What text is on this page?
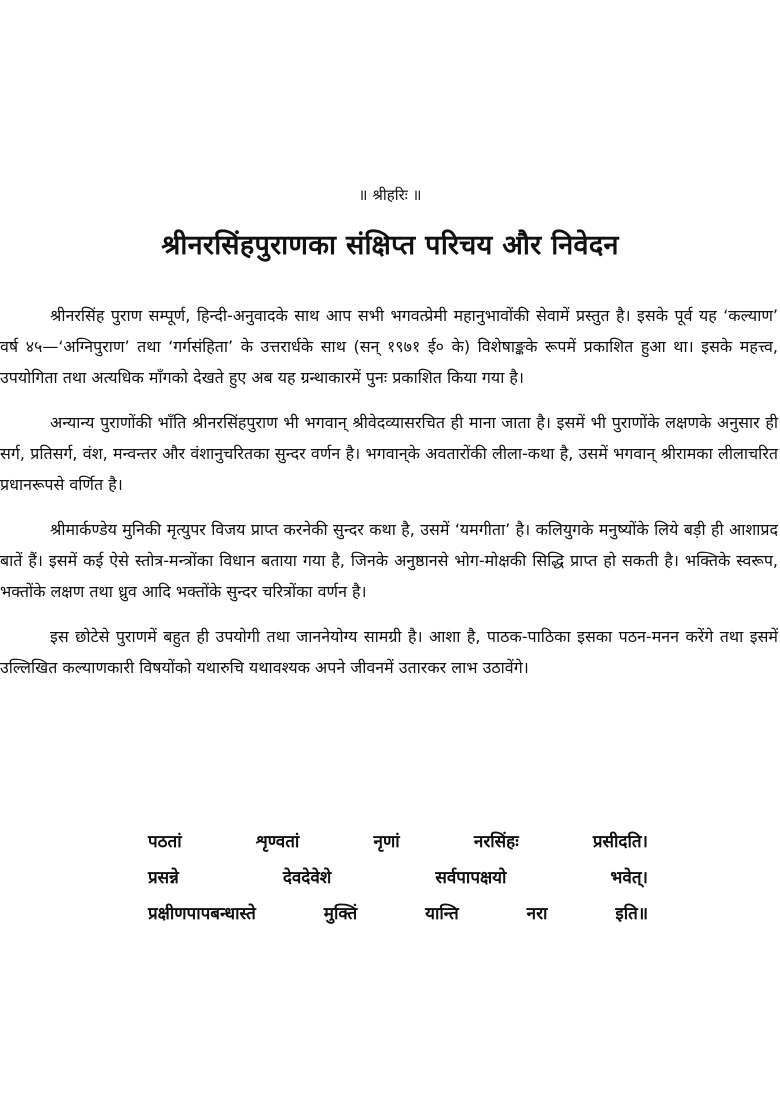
॥ श्रीहरिः ॥
श्रीनरसिंहपुराणका संक्षिप्त परिचय और निवेदन

श्रीनरसिंह पुराण सम्पूर्ण, हिन्दी-अनुवादके साथ आप सभी भगवत्प्रेमी महानुभावोंकी सेवामें प्रस्तुत है। इसके पूर्व यह ‘कल्याण’ वर्ष ४५—‘अग्निपुराण’ तथा ‘गर्गसंहिता’ के उत्तरार्धके साथ (सन् १९७१ ई० के) विशेषाङ्कके रूपमें प्रकाशित हुआ था। इसके महत्त्व, उपयोगिता तथा अत्यधिक माँगको देखते हुए अब यह ग्रन्थाकारमें पुनः प्रकाशित किया गया है।

अन्यान्य पुराणोंकी भाँति श्रीनरसिंहपुराण भी भगवान् श्रीवेदव्यासरचित ही माना जाता है। इसमें भी पुराणोंके लक्षणके अनुसार ही सर्ग, प्रतिसर्ग, वंश, मन्वन्तर और वंशानुचरितका सुन्दर वर्णन है। भगवान्‌के अवतारोंकी लीला-कथा है, उसमें भगवान् श्रीरामका लीलाचरित प्रधानरूपसे वर्णित है।

श्रीमार्कण्डेय मुनिकी मृत्युपर विजय प्राप्त करनेकी सुन्दर कथा है, उसमें ‘यमगीता’ है। कलियुगके मनुष्योंके लिये बड़ी ही आशाप्रद बातें हैं। इसमें कई ऐसे स्तोत्र-मन्त्रोंका विधान बताया गया है, जिनके अनुष्ठानसे भोग-मोक्षकी सिद्धि प्राप्त हो सकती है। भक्तिके स्वरूप, भक्तोंके लक्षण तथा ध्रुव आदि भक्तोंके सुन्दर चरित्रोंका वर्णन है।

इस छोटेसे पुराणमें बहुत ही उपयोगी तथा जाननेयोग्य सामग्री है। आशा है, पाठक-पाठिका इसका पठन-मनन करेंगे तथा इसमें उल्लिखित कल्याणकारी विषयोंको यथारुचि यथावश्यक अपने जीवनमें उतारकर लाभ उठावेंगे।

पठतां	शृण्वतां	नृणां	नरसिंहः	प्रसीदति।
प्रसन्ने	देवदेवेशे	सर्वपापक्षयो	भवेत्।
प्रक्षीणपापबन्धास्ते	मुक्तिं	यान्ति	नरा	इति॥
